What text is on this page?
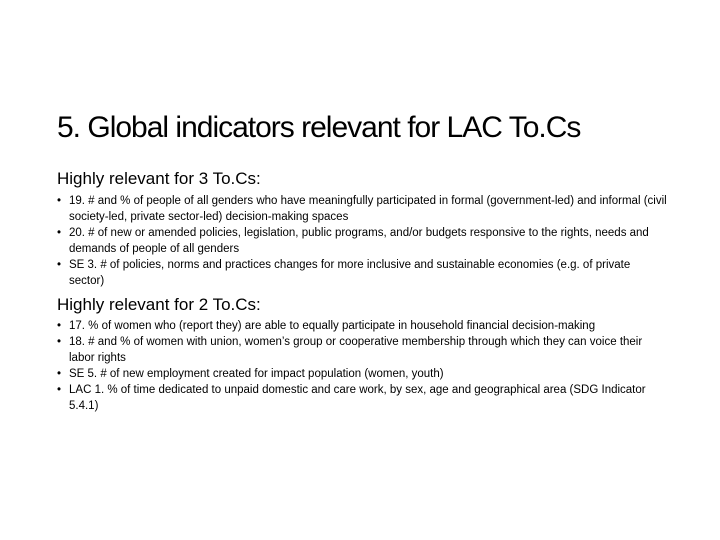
5. Global indicators relevant for LAC To.Cs
Highly relevant for 3 To.Cs:
• 19. # and % of people of all genders who have meaningfully participated in formal (government-led) and informal (civil society-led, private sector-led) decision-making spaces
• 20. # of new or amended policies, legislation, public programs, and/or budgets responsive to the rights, needs and demands of people of all genders
• SE 3. # of policies, norms and practices changes for more inclusive and sustainable economies (e.g. of private sector)
Highly relevant for 2 To.Cs:
• 17. % of women who (report they) are able to equally participate in household financial decision-making
• 18. # and % of women with union, women’s group or cooperative membership through which they can voice their labor rights
• SE 5. # of new employment created for impact population (women, youth)
• LAC 1. % of time dedicated to unpaid domestic and care work, by sex, age and geographical area (SDG Indicator 5.4.1)
